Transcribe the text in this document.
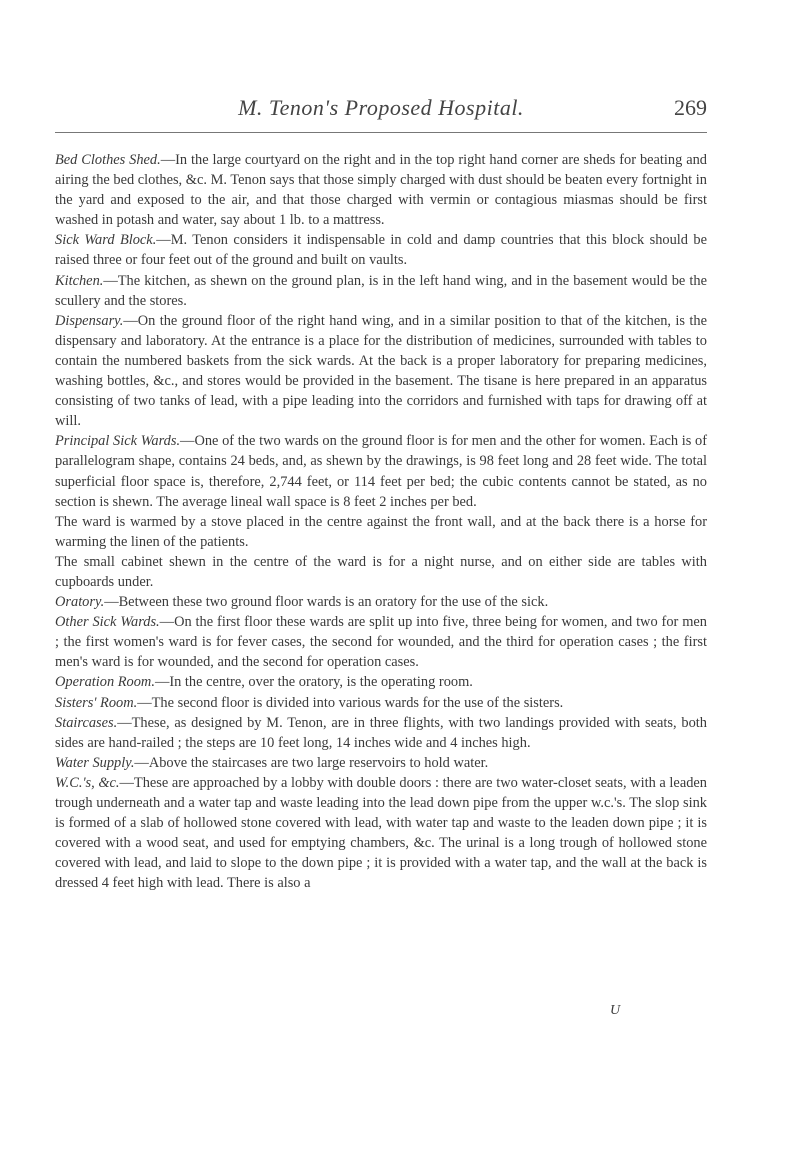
M. Tenon's Proposed Hospital.	269

Bed Clothes Shed.—In the large courtyard on the right and in the top right hand corner are sheds for beating and airing the bed clothes, &c. M. Tenon says that those simply charged with dust should be beaten every fortnight in the yard and exposed to the air, and that those charged with vermin or contagious miasmas should be first washed in potash and water, say about 1 lb. to a mattress.

Sick Ward Block.—M. Tenon considers it indispensable in cold and damp countries that this block should be raised three or four feet out of the ground and built on vaults.

Kitchen.—The kitchen, as shewn on the ground plan, is in the left hand wing, and in the basement would be the scullery and the stores.

Dispensary.—On the ground floor of the right hand wing, and in a similar position to that of the kitchen, is the dispensary and laboratory. At the entrance is a place for the distribution of medicines, surrounded with tables to contain the numbered baskets from the sick wards. At the back is a proper laboratory for preparing medicines, washing bottles, &c., and stores would be provided in the basement. The tisane is here prepared in an apparatus consisting of two tanks of lead, with a pipe leading into the corridors and furnished with taps for drawing off at will.

Principal Sick Wards.—One of the two wards on the ground floor is for men and the other for women. Each is of parallelogram shape, contains 24 beds, and, as shewn by the drawings, is 98 feet long and 28 feet wide. The total superficial floor space is, therefore, 2,744 feet, or 114 feet per bed; the cubic contents cannot be stated, as no section is shewn. The average lineal wall space is 8 feet 2 inches per bed.

The ward is warmed by a stove placed in the centre against the front wall, and at the back there is a horse for warming the linen of the patients.

The small cabinet shewn in the centre of the ward is for a night nurse, and on either side are tables with cupboards under.

Oratory.—Between these two ground floor wards is an oratory for the use of the sick.

Other Sick Wards.—On the first floor these wards are split up into five, three being for women, and two for men ; the first women's ward is for fever cases, the second for wounded, and the third for operation cases ; the first men's ward is for wounded, and the second for operation cases.

Operation Room.—In the centre, over the oratory, is the operating room.

Sisters' Room.—The second floor is divided into various wards for the use of the sisters.

Staircases.—These, as designed by M. Tenon, are in three flights, with two landings provided with seats, both sides are hand-railed ; the steps are 10 feet long, 14 inches wide and 4 inches high.

Water Supply.—Above the staircases are two large reservoirs to hold water.

W.C.'s, &c.—These are approached by a lobby with double doors : there are two water-closet seats, with a leaden trough underneath and a water tap and waste leading into the lead down pipe from the upper w.c.'s. The slop sink is formed of a slab of hollowed stone covered with lead, with water tap and waste to the leaden down pipe ; it is covered with a wood seat, and used for emptying chambers, &c. The urinal is a long trough of hollowed stone covered with lead, and laid to slope to the down pipe ; it is provided with a water tap, and the wall at the back is dressed 4 feet high with lead. There is also a

U
